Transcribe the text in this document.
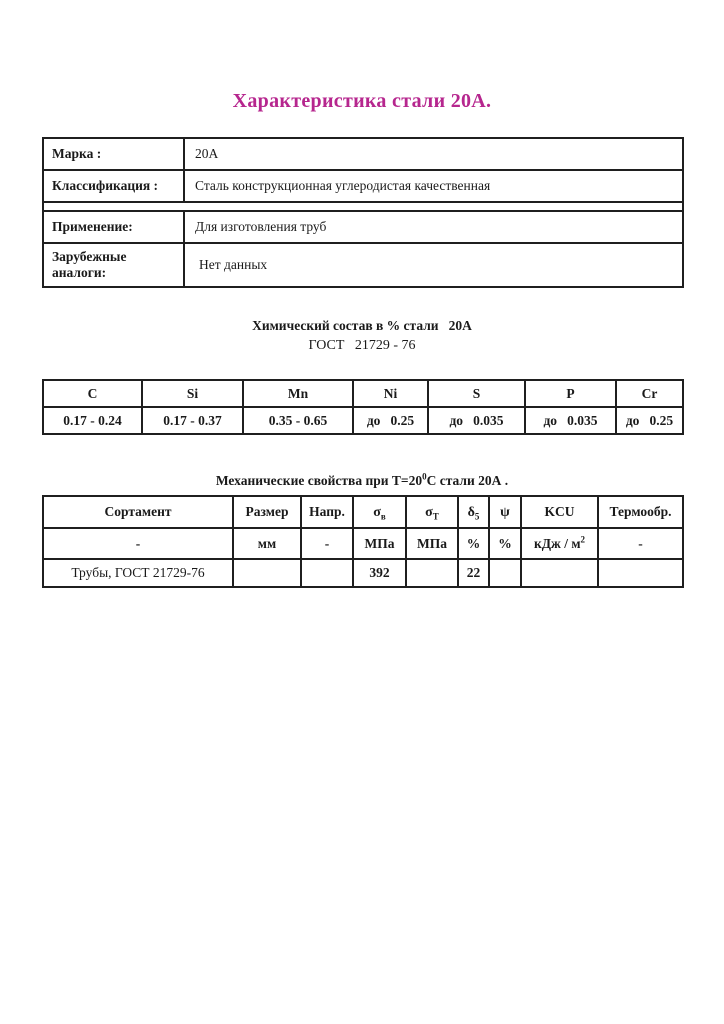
Характеристика стали 20А.
Марка :	20А
Классификация :	Сталь конструкционная углеродистая качественная

Применение:	Для изготовления труб
Зарубежные аналоги:	Нет данных

Химический состав в % стали   20А

ГОСТ   21729 - 76

C	Si	Mn	Ni	S	P	Cr
0.17 - 0.24	0.17 - 0.37	0.35 - 0.65	до   0.25	до   0.035	до   0.035	до   0.25

Механические свойства при $Т=20^0С$ стали 20А .

Сортамент	Размер	Напр.	$\sigma_в$	$\sigma_Т$	$\delta_5$	ψ	KCU	Термообр.
-	мм	-	МПа	МПа	%	%	кДж / $м^2$	-
Трубы, ГОСТ 21729-76			392		22			
